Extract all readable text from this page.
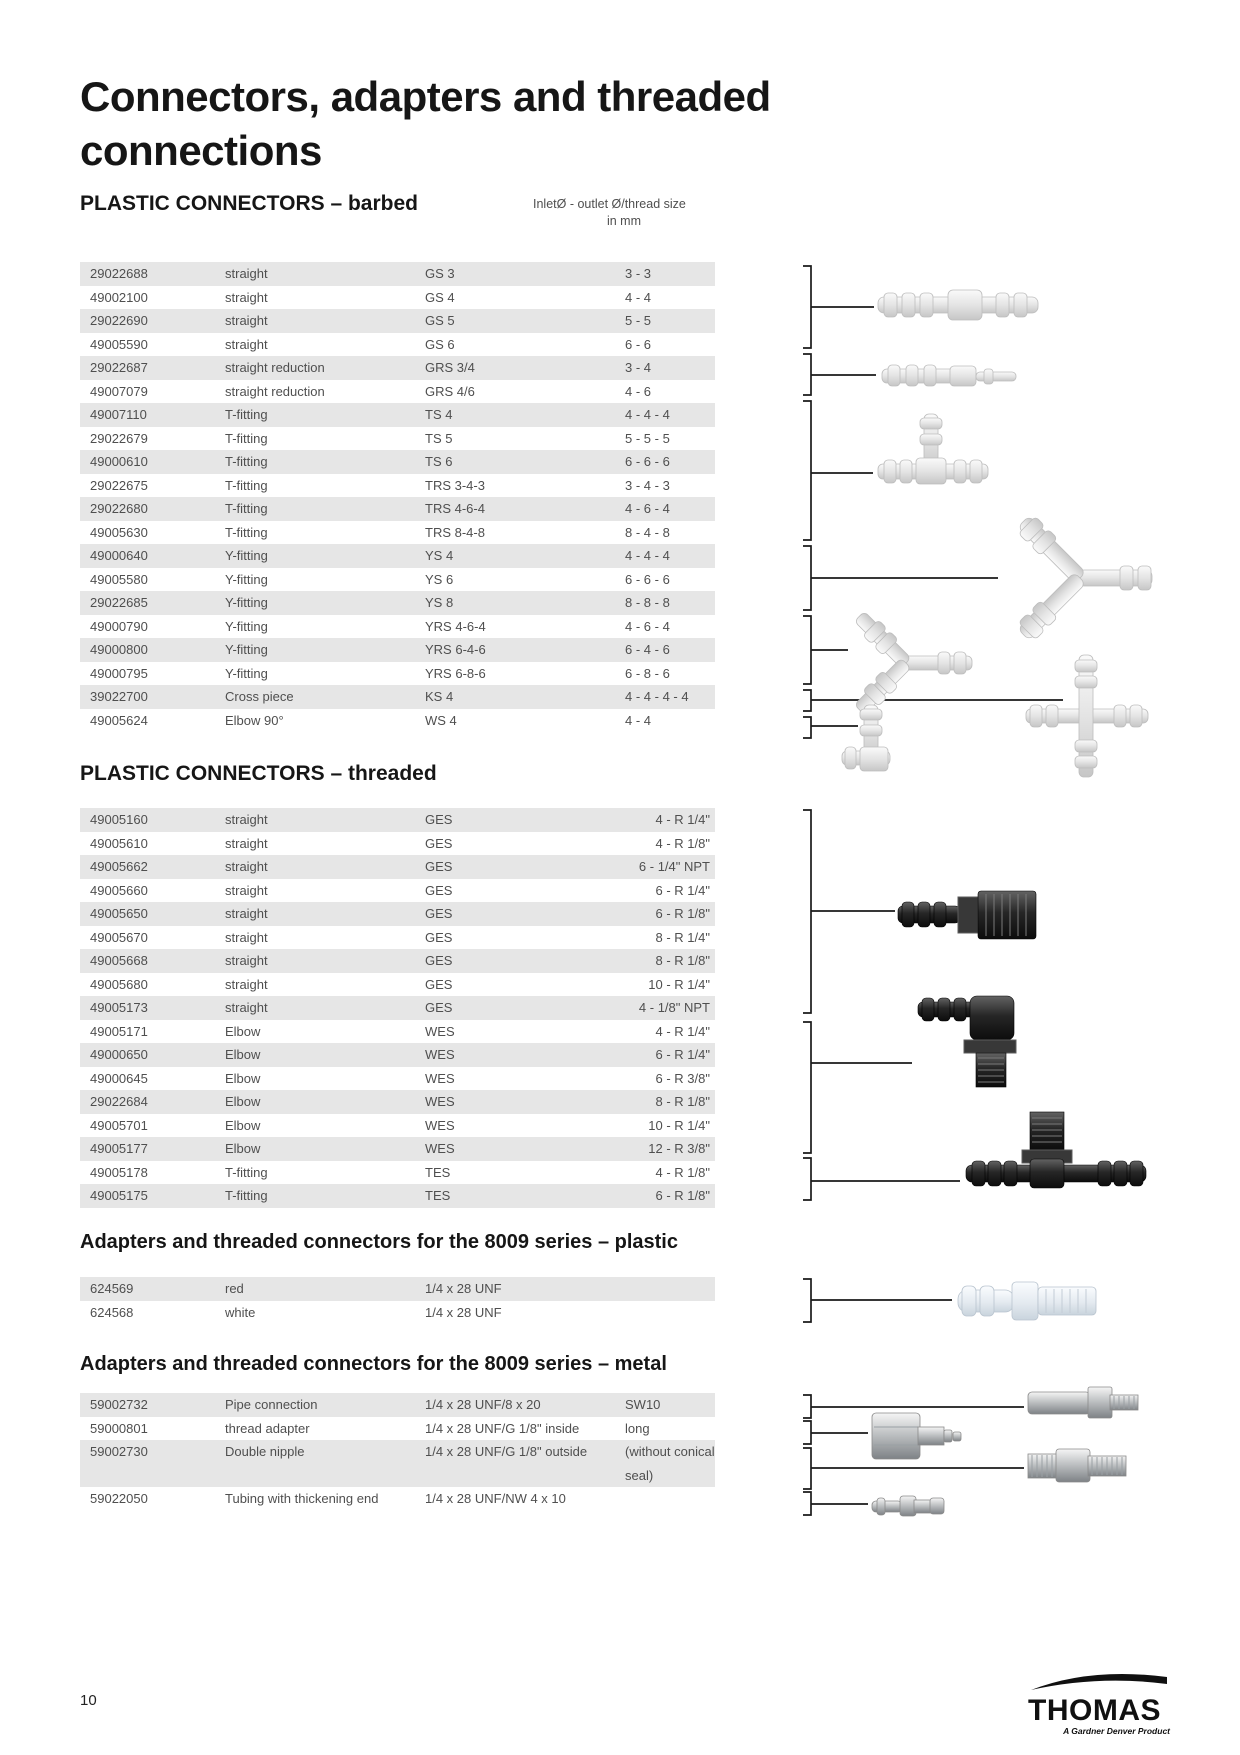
Connectors, adapters and threaded
connections
InletØ - outlet Ø/thread size
in mm
PLASTIC CONNECTORS – barbed
PLASTIC CONNECTORS – threaded
Adapters and threaded connectors for the 8009 series – plastic
Adapters and threaded connectors for the 8009 series – metal
29022688	straight	GS 3	3 - 3
49002100	straight	GS 4	4 - 4
29022690	straight	GS 5	5 - 5
49005590	straight	GS 6	6 - 6
29022687	straight reduction	GRS 3/4	3 - 4
49007079	straight reduction	GRS 4/6	4 - 6
49007110	T-fitting	TS 4	4 - 4 - 4
29022679	T-fitting	TS 5	5 - 5 - 5
49000610	T-fitting	TS 6	6 - 6 - 6
29022675	T-fitting	TRS 3-4-3	3 - 4 - 3
29022680	T-fitting	TRS 4-6-4	4 - 6 - 4
49005630	T-fitting	TRS 8-4-8	8 - 4 - 8
49000640	Y-fitting	YS 4	4 - 4 - 4
49005580	Y-fitting	YS 6	6 - 6 - 6
29022685	Y-fitting	YS 8	8 - 8 - 8
49000790	Y-fitting	YRS 4-6-4	4 - 6 - 4
49000800	Y-fitting	YRS 6-4-6	6 - 4 - 6
49000795	Y-fitting	YRS 6-8-6	6 - 8 - 6
39022700	Cross piece	KS 4	4 - 4 - 4 - 4
49005624	Elbow 90°	WS 4	4 - 4
49005160	straight	GES	4 - R 1/4"
49005610	straight	GES	4 - R 1/8"
49005662	straight	GES	6 - 1/4" NPT
49005660	straight	GES	6 - R 1/4"
49005650	straight	GES	6 - R 1/8"
49005670	straight	GES	8 - R 1/4"
49005668	straight	GES	8 - R 1/8"
49005680	straight	GES	10 - R 1/4"
49005173	straight	GES	4 - 1/8" NPT
49005171	Elbow	WES	4 - R 1/4"
49000650	Elbow	WES	6 - R 1/4"
49000645	Elbow	WES	6 - R 3/8"
29022684	Elbow	WES	8 - R 1/8"
49005701	Elbow	WES	10 - R 1/4"
49005177	Elbow	WES	12 - R 3/8"
49005178	T-fitting	TES	4 - R 1/8"
49005175	T-fitting	TES	6 - R 1/8"
624569	red	1/4 x 28 UNF
624568	white	1/4 x 28 UNF
59002732	Pipe connection	1/4 x 28 UNF/8 x 20	SW10
59000801	thread adapter	1/4 x 28 UNF/G 1/8" inside	long
59002730	Double nipple	1/4 x 28 UNF/G 1/8" outside	(without conical seal)
59022050	Tubing with thickening end	1/4 x 28 UNF/NW 4 x 10
10	THOMAS
A Gardner Denver Product
